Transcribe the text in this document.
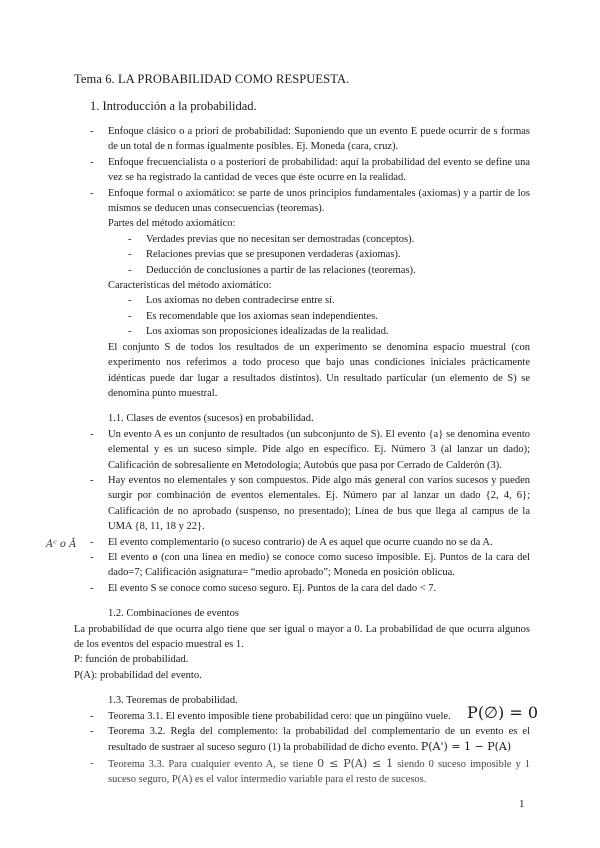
Tema 6. LA PROBABILIDAD COMO RESPUESTA.
1. Introducción a la probabilidad.
- Enfoque clásico o a priori de probabilidad: Suponiendo que un evento E puede ocurrir de s formas de un total de n formas igualmente posibles. Ej. Moneda (cara, cruz).
- Enfoque frecuencialista o a posteriori de probabilidad: aquí la probabilidad del evento se define una vez se ha registrado la cantidad de veces que éste ocurre en la realidad.
- Enfoque formal o axiomático: se parte de unos principios fundamentales (axiomas) y a partir de los mismos se deducen unas consecuencias (teoremas).
Partes del método axiomático:
- Verdades previas que no necesitan ser demostradas (conceptos).
- Relaciones previas que se presuponen verdaderas (axiomas).
- Deducción de conclusiones a partir de las relaciones (teoremas).
Características del método axiomático:
- Los axiomas no deben contradecirse entre sí.
- Es recomendable que los axiomas sean independientes.
- Los axiomas son proposiciones idealizadas de la realidad.
El conjunto S de todos los resultados de un experimento se denomina espacio muestral (con experimento nos referimos a todo proceso que bajo unas condiciones iniciales prácticamente idénticas puede dar lugar a resultados distintos). Un resultado particular (un elemento de S) se denomina punto muestral.
1.1. Clases de eventos (sucesos) en probabilidad.
- Un evento A es un conjunto de resultados (un subconjunto de S). El evento {a} se denomina evento elemental y es un suceso simple. Pide algo en específico. Ej. Número 3 (al lanzar un dado); Calificación de sobresaliente en Metodología; Autobús que pasa por Cerrado de Calderón (3).
- Hay eventos no elementales y son compuestos. Pide algo más general con varios sucesos y pueden surgir por combinación de eventos elementales. Ej. Número par al lanzar un dado {2, 4, 6}; Calificación de no aprobado (suspenso, no presentado); Línea de bus que llega al campus de la UMA {8, 11, 18 y 22}.
- El evento complementario (o suceso contrario) de A es aquel que ocurre cuando no se da A.
- El evento ø (con una línea en medio) se conoce como suceso imposible. Ej. Puntos de la cara del dado=7; Calificación asignatura= “medio aprobado”; Moneda en posición oblicua.
- El evento S se conoce como suceso seguro. Ej. Puntos de la cara del dado < 7.
1.2. Combinaciones de eventos
La probabilidad de que ocurra algo tiene que ser igual o mayor a 0. La probabilidad de que ocurra algunos de los eventos del espacio muestral es 1.
P: función de probabilidad.
P(A): probabilidad del evento.
1.3. Teoremas de probabilidad.
- Teorema 3.1. El evento imposible tiene probabilidad cero: que un pingüino vuele. P(∅) = 0
- Teorema 3.2. Regla del complemento: la probabilidad del complementario de un evento es el resultado de sustraer al suceso seguro (1) la probabilidad de dicho evento. P(A') = 1 − P(A)
- Teorema 3.3. Para cualquier evento A, se tiene 0 ≤ P(A) ≤ 1 siendo 0 suceso imposible y 1 suceso seguro, P(A) es el valor intermedio variable para el resto de sucesos.
Aᶜ o Ā
1
